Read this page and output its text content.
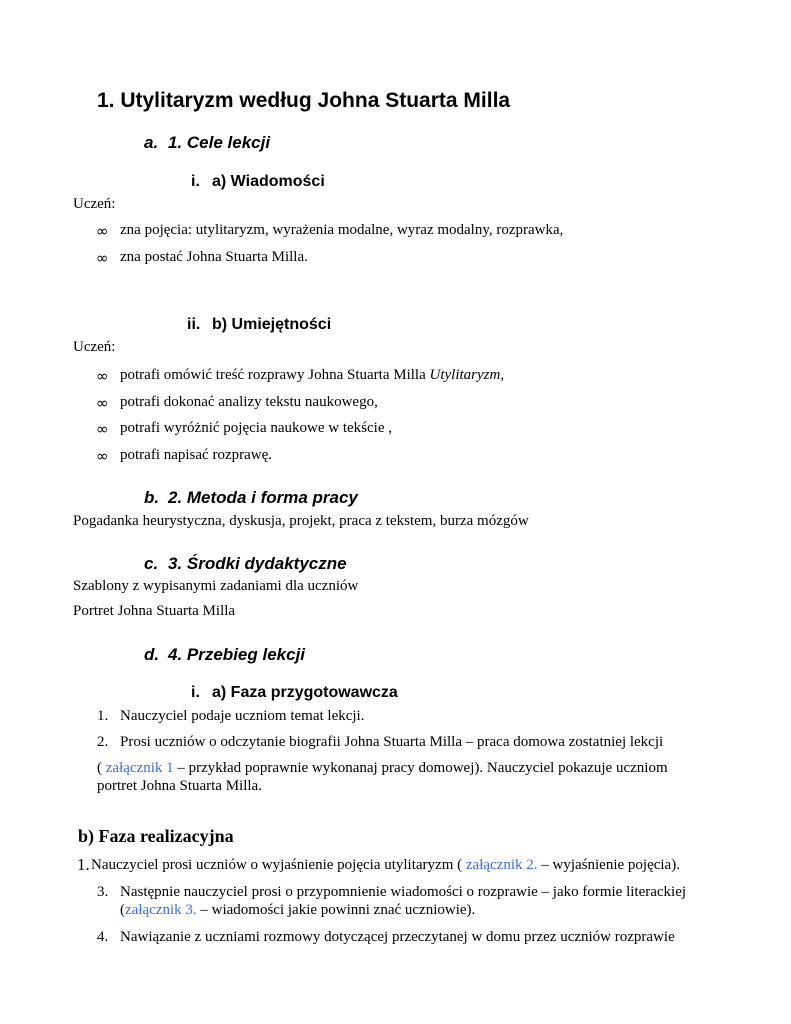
1. Utylitaryzm według Johna Stuarta Milla
a. 1. Cele lekcji
i. a) Wiadomości
Uczeń:
∞ zna pojęcia: utylitaryzm, wyrażenia modalne, wyraz modalny, rozprawka,
∞ zna postać Johna Stuarta Milla.
ii. b) Umiejętności
Uczeń:
∞ potrafi omówić treść rozprawy Johna Stuarta Milla Utylitaryzm,
∞ potrafi dokonać analizy tekstu naukowego,
∞ potrafi wyróżnić pojęcia naukowe w tekście ,
∞ potrafi napisać rozprawę.
b. 2. Metoda i forma pracy
Pogadanka heurystyczna, dyskusja, projekt, praca z tekstem, burza mózgów
c. 3. Środki dydaktyczne
Szablony z wypisanymi zadaniami dla uczniów
Portret Johna Stuarta Milla
d. 4. Przebieg lekcji
i. a) Faza przygotowawcza
1. Nauczyciel podaje uczniom temat lekcji.
2. Prosi uczniów o odczytanie biografii Johna Stuarta Milla – praca domowa zostatniej lekcji
( załącznik 1 – przykład poprawnie wykonanaj pracy domowej). Nauczyciel pokazuje uczniom
portret Johna Stuarta Milla.
b) Faza realizacyjna
1. Nauczyciel prosi uczniów o wyjaśnienie pojęcia utylitaryzm ( załącznik 2. – wyjaśnienie pojęcia).
3. Następnie nauczyciel prosi o przypomnienie wiadomości o rozprawie – jako formie literackiej
(załącznik 3. – wiadomości jakie powinni znać uczniowie).
4. Nawiązanie z uczniami rozmowy dotyczącej przeczytanej w domu przez uczniów rozprawie
